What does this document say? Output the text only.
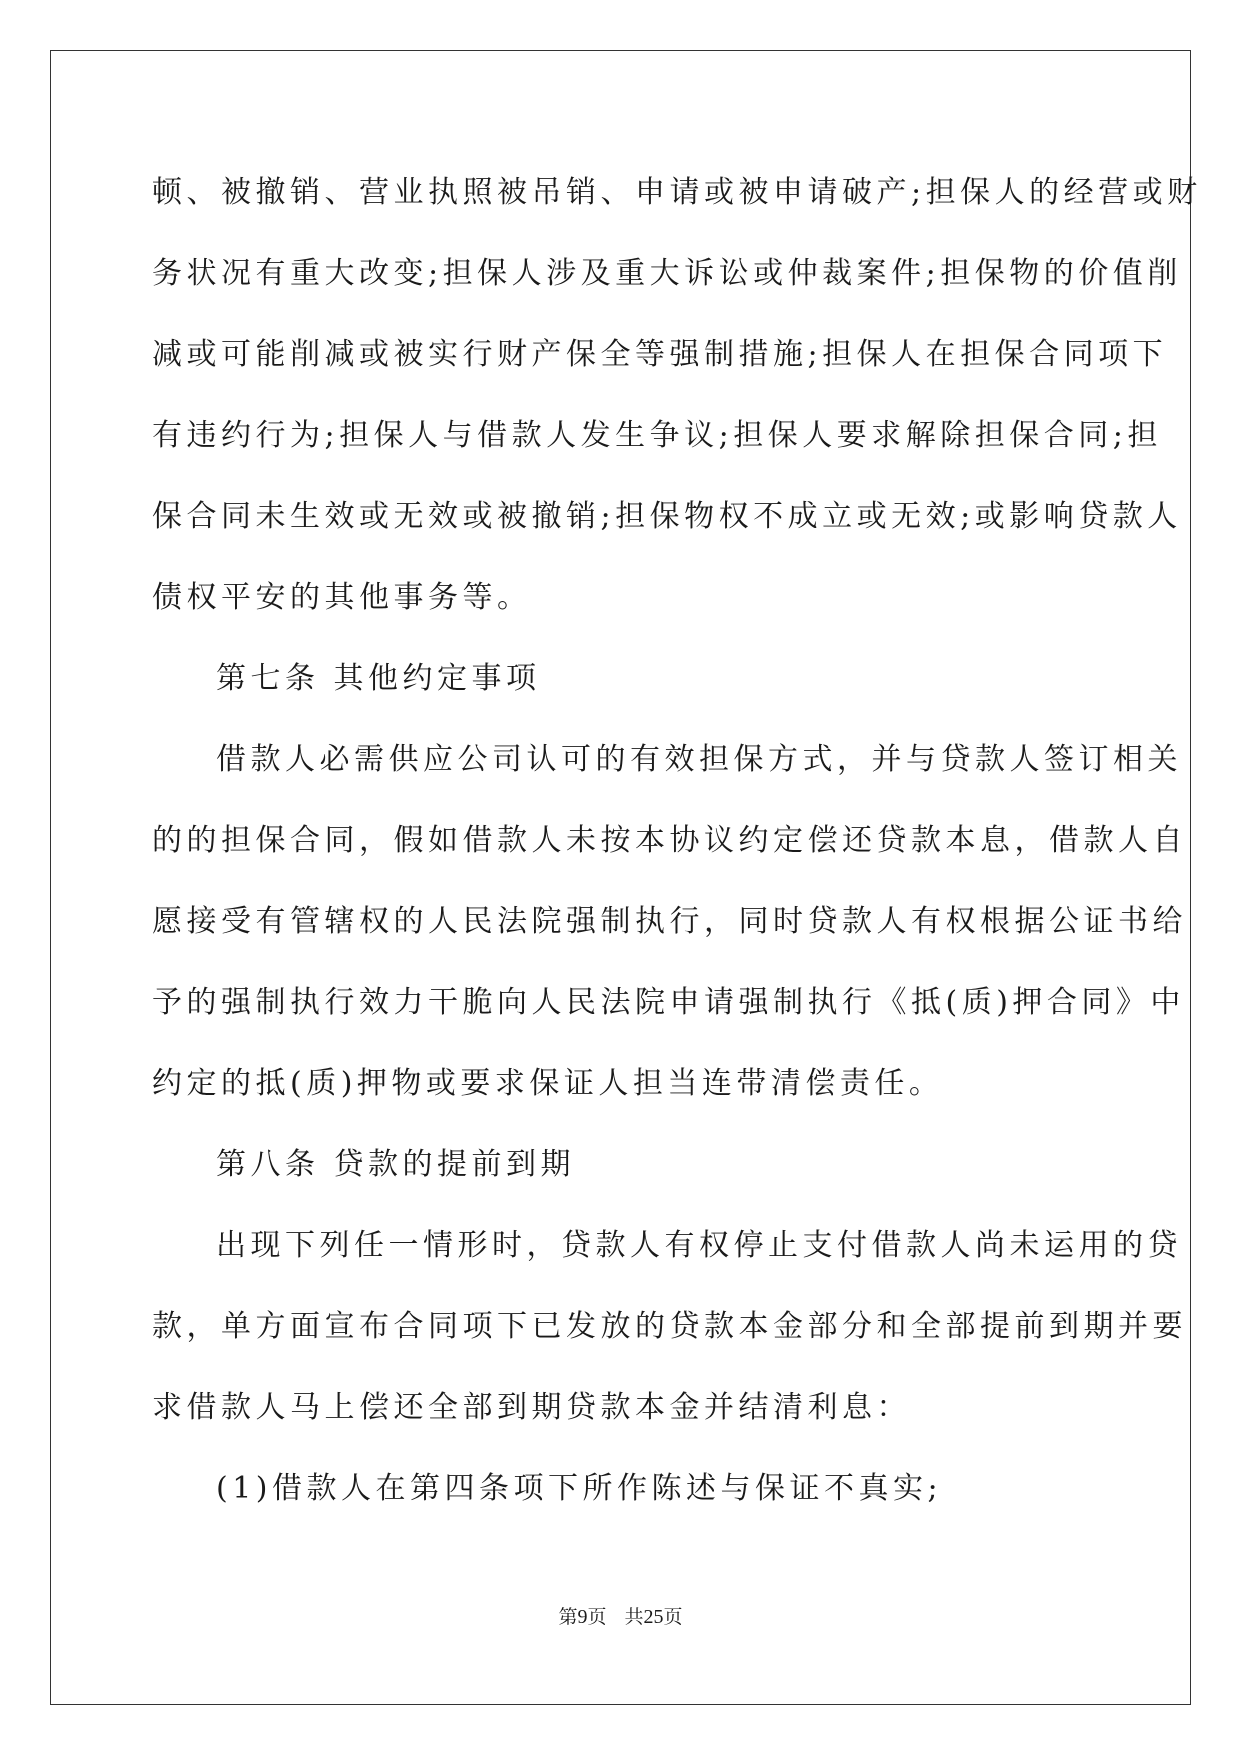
顿、被撤销、营业执照被吊销、申请或被申请破产;担保人的经营或财
务状况有重大改变;担保人涉及重大诉讼或仲裁案件;担保物的价值削
减或可能削减或被实行财产保全等强制措施;担保人在担保合同项下
有违约行为;担保人与借款人发生争议;担保人要求解除担保合同;担
保合同未生效或无效或被撤销;担保物权不成立或无效;或影响贷款人
债权平安的其他事务等。
第七条 其他约定事项
借款人必需供应公司认可的有效担保方式，并与贷款人签订相关
的的担保合同，假如借款人未按本协议约定偿还贷款本息，借款人自
愿接受有管辖权的人民法院强制执行，同时贷款人有权根据公证书给
予的强制执行效力干脆向人民法院申请强制执行《抵(质)押合同》中
约定的抵(质)押物或要求保证人担当连带清偿责任。
第八条 贷款的提前到期
出现下列任一情形时，贷款人有权停止支付借款人尚未运用的贷
款，单方面宣布合同项下已发放的贷款本金部分和全部提前到期并要
求借款人马上偿还全部到期贷款本金并结清利息：
(1)借款人在第四条项下所作陈述与保证不真实;
第9页 共25页
